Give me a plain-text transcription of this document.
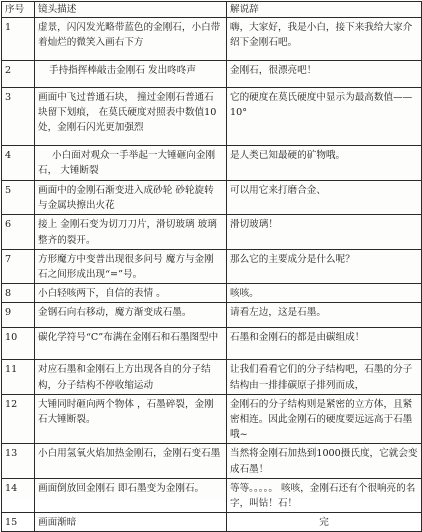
序号	镜头描述	解说辞
1	虚景，闪闪发光略带蓝色的金刚石，小白带着灿烂的微笑入画右下方	嗨，大家好，我是小白，接下来我给大家介绍下金刚石吧。
2	手持指挥棒敲击金刚石 发出咚咚声	金刚石，很漂亮吧！
3	画面中飞过普通石块， 撞过金刚石普通石块留下划痕， 在莫氏硬度对照表中数值10处，金刚石闪光更加强烈	它的硬度在莫氏硬度中显示为最高数值——10°
4	小白面对观众一手举起一大锤砸向金刚石， 大锤断裂	是人类已知最硬的矿物哦。
5	画面中的金刚石渐变进入成砂轮 砂轮旋转与金属块擦出火花	可以用它来打磨合金、
6	接上 金刚石变为切刀刀片，滑切玻璃 玻璃整齐的裂开。	滑切玻璃！
7	方形魔方中变普出现很多问号 魔方与金刚石之间形成出现“=”号。	那么它的主要成分是什么呢？
8	小白轻咳两下，自信的表情 。	咳咳。
9	金钢石向右移动，魔方渐变成石墨。	请看左边，这是石墨。
10	碳化学符号“C”布满在金刚石和石墨图型中	石墨和金刚石的都是由碳组成！
11	对应石墨和金刚石上方出现各自的分子结构，分子结构不停收缩运动	让我们看看它们的分子结构吧，石墨的分子结构由一排排碳原子排列而成，
12	大锤同时砸向两个物体 ，石墨碎裂，金刚石大锤断裂。	金刚石的分子结构则是紧密的立方体，且紧密相连。因此金刚石的硬度要远远高于石墨哦~
13	小白用氢氧火焰加热金刚石，金刚石变石墨	当然将金刚石加热到1000摄氏度，它就会变成石墨！
14	画面倒放回金刚石 即石墨变为金刚石。	等等。。。。。 咳咳，金刚石还有个很响亮的名字，叫钻！石！
15	画面渐暗	完
